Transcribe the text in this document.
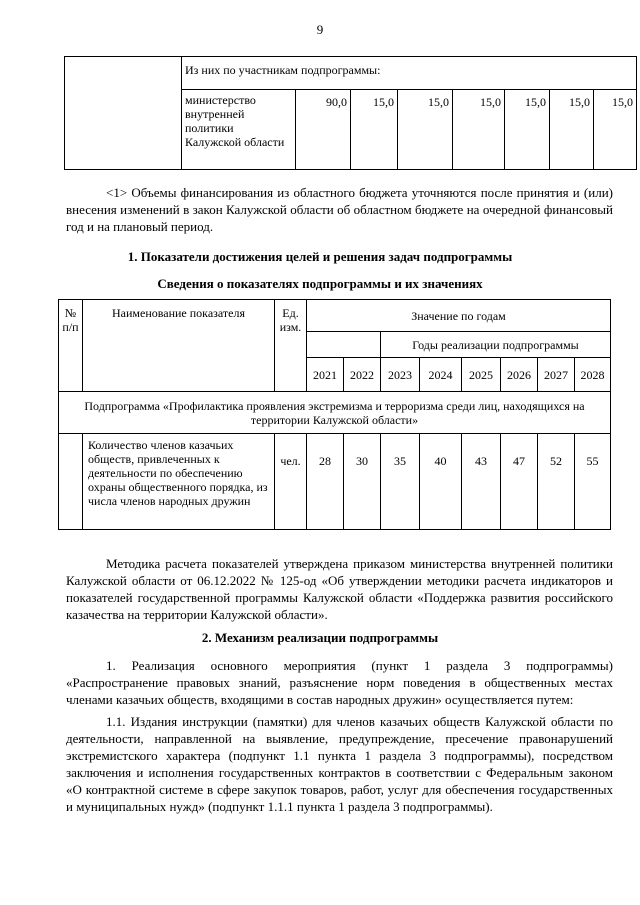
9
	Из них по участникам подпрограммы:							
	министерство внутренней политики Калужской области	90,0	15,0	15,0	15,0	15,0	15,0	15,0
<1> Объемы финансирования из областного бюджета уточняются после принятия и (или) внесения изменений в закон Калужской области об областном бюджете на очередной финансовый год и на плановый период.
1. Показатели достижения целей и решения задач подпрограммы
Сведения о показателях подпрограммы и их значениях
№ п/п	Наименование показателя	Ед. изм.	Значение по годам							
					Годы реализации подпрограммы					
			2021	2022	2023	2024	2025	2026	2027	2028
Подпрограмма «Профилактика проявления экстремизма и терроризма среди лиц, находящихся на территории Калужской области»										
	Количество членов казачьих обществ, привлеченных к деятельности по обеспечению охраны общественного порядка, из числа членов народных дружин	чел.	28	30	35	40	43	47	52	55
Методика расчета показателей утверждена приказом министерства внутренней политики Калужской области от 06.12.2022 № 125-од «Об утверждении методики расчета индикаторов и показателей государственной программы Калужской области «Поддержка развития российского казачества на территории Калужской области».
2. Механизм реализации подпрограммы
1. Реализация основного мероприятия (пункт 1 раздела 3 подпрограммы) «Распространение правовых знаний, разъяснение норм поведения в общественных местах членами казачьих обществ, входящими в состав народных дружин» осуществляется путем:
1.1. Издания инструкции (памятки) для членов казачьих обществ Калужской области по деятельности, направленной на выявление, предупреждение, пресечение правонарушений экстремистского характера (подпункт 1.1 пункта 1 раздела 3 подпрограммы), посредством заключения и исполнения государственных контрактов в соответствии с Федеральным законом «О контрактной системе в сфере закупок товаров, работ, услуг для обеспечения государственных и муниципальных нужд» (подпункт 1.1.1 пункта 1 раздела 3 подпрограммы).
